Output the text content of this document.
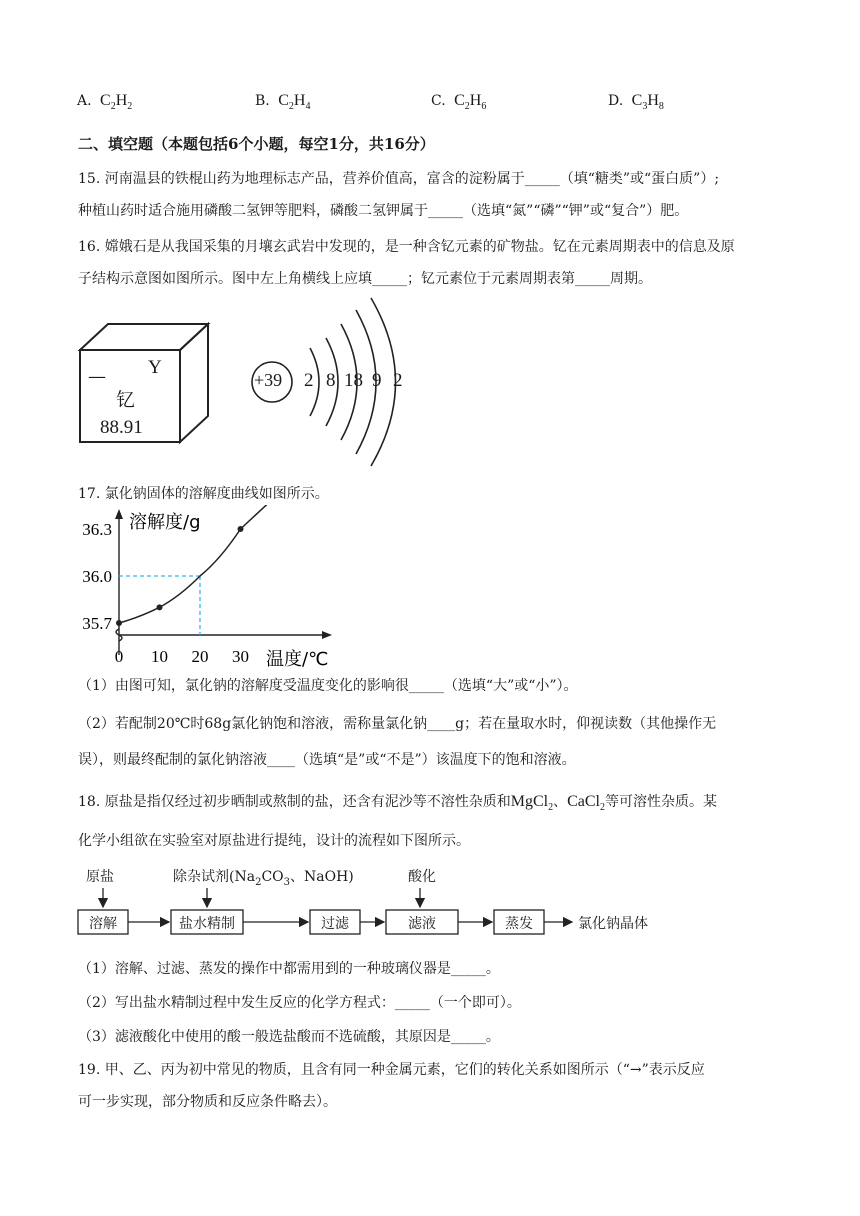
A. $C_2H_2$	B. $C_2H_4$	C. $C_2H_6$	D. $C_3H_8$
二、填空题（本题包括6个小题，每空1分，共16分）
15. 河南温县的铁棍山药为地理标志产品，营养价值高，富含的淀粉属于_____（填“糖类”或“蛋白质”）;
种植山药时适合施用磷酸二氢钾等肥料，磷酸二氢钾属于_____（选填“氮”“磷”“钾”或“复合”）肥。
16. 嫦娥石是从我国采集的月壤玄武岩中发现的，是一种含钇元素的矿物盐。钇在元素周期表中的信息及原
子结构示意图如图所示。图中左上角横线上应填_____；钇元素位于元素周期表第_____周期。
— Y
钇
88.91
+39 2 8 18 9 2
17. 氯化钠固体的溶解度曲线如图所示。
溶解度/g
温度/℃
35.7
36.0
36.3
0 10 20 30
（1）由图可知，氯化钠的溶解度受温度变化的影响很_____（选填“大”或“小”）。
（2）若配制20℃时68g氯化钠饱和溶液，需称量氯化钠____g；若在量取水时，仰视读数（其他操作无
误），则最终配制的氯化钠溶液____（选填“是”或“不是”）该温度下的饱和溶液。
18. 原盐是指仅经过初步晒制或熬制的盐，还含有泥沙等不溶性杂质和MgCl$_2$、CaCl$_2$等可溶性杂质。某
化学小组欲在实验室对原盐进行提纯，设计的流程如下图所示。
原盐	除杂试剂($Na_2CO_3$、NaOH)	酸化
溶解	盐水精制	过滤	滤液	蒸发	氯化钠晶体
（1）溶解、过滤、蒸发的操作中都需用到的一种玻璃仪器是_____。
（2）写出盐水精制过程中发生反应的化学方程式：_____（一个即可）。
（3）滤液酸化中使用的酸一般选盐酸而不选硫酸，其原因是_____。
19. 甲、乙、丙为初中常见的物质，且含有同一种金属元素，它们的转化关系如图所示（“→”表示反应
可一步实现，部分物质和反应条件略去）。
